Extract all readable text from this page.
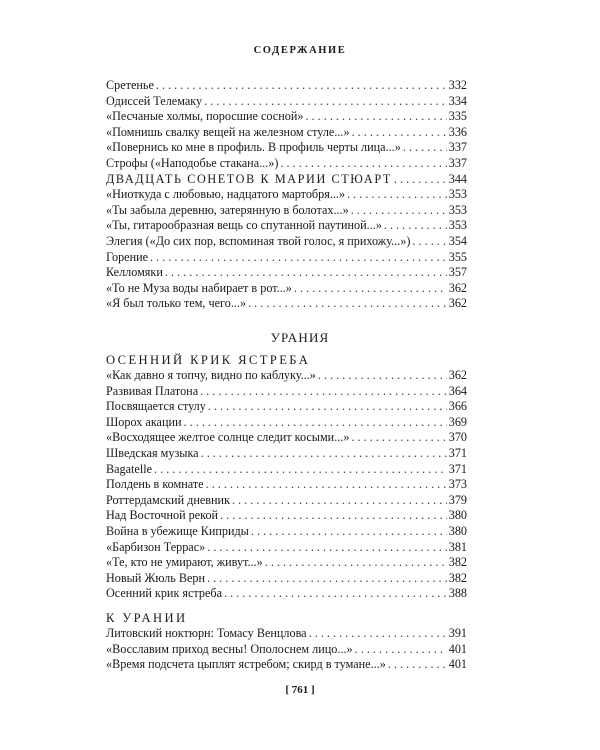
СОДЕРЖАНИЕ
Сретенье . . .	332
Одиссей Телемаку . . .	334
«Песчаные холмы, поросшие сосной» . . .	335
«Помнишь свалку вещей на железном стуле...» . . .	336
«Повернись ко мне в профиль. В профиль черты лица...» . . .	337
Строфы («Наподобье стакана...») . . .	337
ДВАДЦАТЬ СОНЕТОВ К МАРИИ СТЮАРТ . . .	344
«Ниоткуда с любовью, надцатого мартобря...» . . .	353
«Ты забыла деревню, затерянную в болотах...» . . .	353
«Ты, гитарообразная вещь со спутанной паутиной...» . . .	353
Элегия («До сих пор, вспоминая твой голос, я прихожу...») . . .	354
Горение . . .	355
Келломяки . . .	357
«То не Муза воды набирает в рот...» . . .	362
«Я был только тем, чего...» . . .	362
УРАНИЯ
ОСЕННИЙ КРИК ЯСТРЕБА
«Как давно я топчу, видно по каблуку...» . . .	362
Развивая Платона . . .	364
Посвящается стулу . . .	366
Шорох акации . . .	369
«Восходящее желтое солнце следит косыми...» . . .	370
Шведская музыка . . .	371
Bagatelle . . .	371
Полдень в комнате . . .	373
Роттердамский дневник . . .	379
Над Восточной рекой . . .	380
Война в убежище Киприды . . .	380
«Барбизон Террас» . . .	381
«Те, кто не умирают, живут...» . . .	382
Новый Жюль Верн . . .	382
Осенний крик ястреба . . .	388
К УРАНИИ
Литовский ноктюрн: Томасу Венцлова . . .	391
«Восславим приход весны! Ополоснем лицо...» . . .	401
«Время подсчета цыплят ястребом; скирд в тумане...» . . .	401
[ 761 ]
